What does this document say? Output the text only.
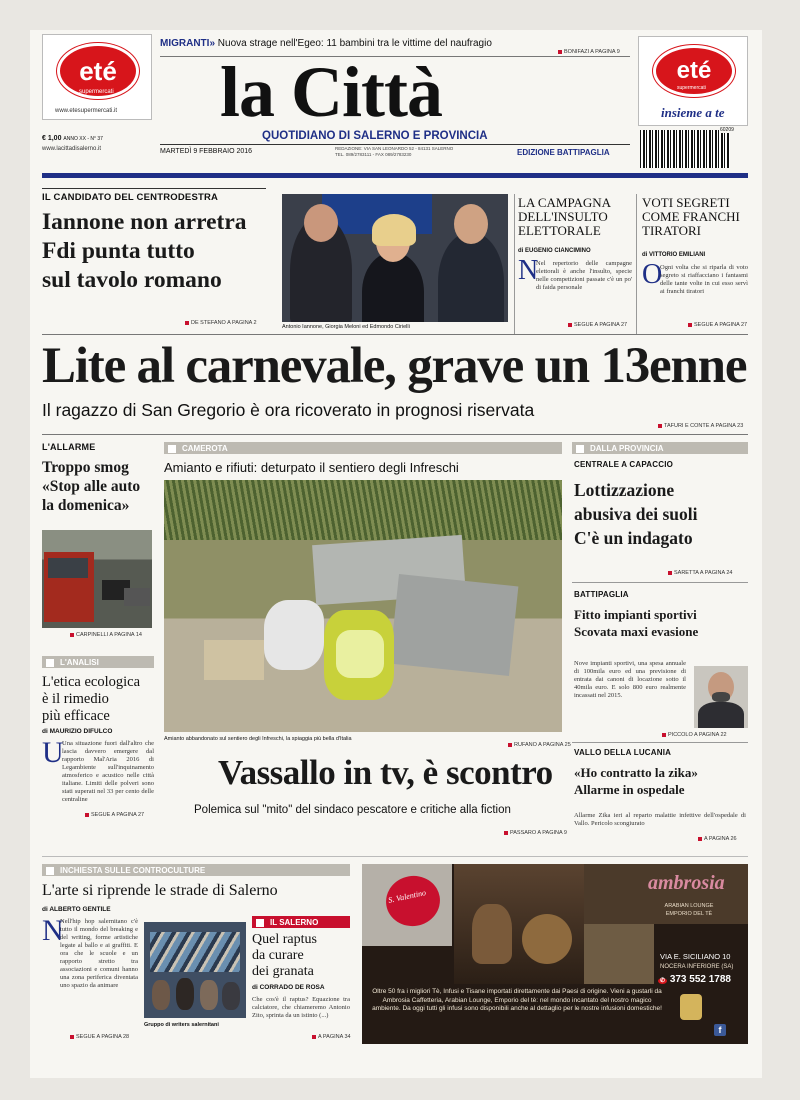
eté
supermercati
www.etesupermercati.it
€ 1,00 ANNO XX - N° 37
www.lacittadisalerno.it
MIGRANTI» Nuova strage nell'Egeo: 11 bambini tra le vittime del naufragio
BONIFAZI A PAGINA 9
la Città
QUOTIDIANO DI SALERNO E PROVINCIA
MARTEDÌ 9 FEBBRAIO 2016	REDAZIONE: VIA SAN LEONARDO 52 - 84131 SALERNO
TEL. 089/2783111 - FAX 089/2783230	EDIZIONE BATTIPAGLIA
eté
supermercati
insieme a te
60209
IL CANDIDATO DEL CENTRODESTRA
Iannone non arretra
Fdi punta tutto
sul tavolo romano
DE STEFANO A PAGINA 2
Antonio Iannone, Giorgia Meloni ed Edmondo Cirielli
LA CAMPAGNA
DELL'INSULTO
ELETTORALE
di EUGENIO CIANCIMINO
N
Nel repertorio delle campagne elettorali è anche l'insulto, specie nelle competizioni passate c'è un po' di faida personale
SEGUE A PAGINA 27
VOTI SEGRETI
COME FRANCHI
TIRATORI
di VITTORIO EMILIANI
O
Ogni volta che si riparla di voto segreto si riaffacciano i fantasmi delle tante volte in cui esso servì ai franchi tiratori
SEGUE A PAGINA 27
Lite al carnevale, grave un 13enne
Il ragazzo di San Gregorio è ora ricoverato in prognosi riservata
TAFURI E CONTE A PAGINA 23
L'ALLARME
Troppo smog
«Stop alle auto
la domenica»
CARPINELLI A PAGINA 14
L'ANALISI
L'etica ecologica
è il rimedio
più efficace
di MAURIZIO DIFULCO
U
Una situazione fuori dall'altro che lascia davvero emergere dal rapporto Mal'Aria 2016 di Legambiente sull'inquinamento atmosferico e acustico nelle città italiane. Limiti delle polveri sono stati superati nel 33 per cento delle centraline
SEGUE A PAGINA 27
CAMEROTA
Amianto e rifiuti: deturpato il sentiero degli Infreschi
Amianto abbandonato sul sentiero degli Infreschi, la spiaggia più bella d'Italia
RUFANO A PAGINA 25
Vassallo in tv, è scontro
Polemica sul "mito" del sindaco pescatore e critiche alla fiction
PASSARO A PAGINA 9
DALLA PROVINCIA
CENTRALE A CAPACCIO
Lottizzazione
abusiva dei suoli
C'è un indagato
SARETTA A PAGINA 24
BATTIPAGLIA
Fitto impianti sportivi
Scovata maxi evasione
Nove impianti sportivi, una spesa annuale di 100mila euro ed una previsione di entrata dai canoni di locazione sotto il 40mila euro. E solo 800 euro realmente incassati nel 2015.
PICCOLO A PAGINA 22
VALLO DELLA LUCANIA
«Ho contratto la zika»
Allarme in ospedale
Allarme Zika ieri al reparto malattie infettive dell'ospedale di Vallo. Pericolo scongiurato
A PAGINA 26
INCHIESTA SULLE CONTROCULTURE
L'arte si riprende le strade di Salerno
di ALBERTO GENTILE
N
Nell'hip hop salernitano c'è tutto il mondo del breaking e del writing, forme artistiche legate al ballo e ai graffiti. E ora che le scuole e un rapporto stretto tra associazioni e comuni hanno una zona periferica diventata uno spazio da animare
Gruppo di writers salernitani
SEGUE A PAGINA 28
IL SALERNO
Quel raptus
da curare
dei granata
di CORRADO DE ROSA
Che cos'è il raptus? Equazione tra calciatore, che chiameremo Antonio Zito, sprinta da un istinto (...)
A PAGINA 34
S. Valentino
ambrosia
ARABIAN LOUNGE
EMPORIO DEL TÈ
VIA E. SICILIANO 10
NOCERA INFERIORE (SA)
✆ 373 552 1788
Oltre 50 fra i migliori Tè, Infusi e Tisane importati direttamente dai Paesi di origine. Vieni a gustarli da Ambrosia Caffetteria, Arabian Lounge, Emporio del tè: nel mondo incantato del nostro magico ambiente. Da oggi tutti gli infusi sono disponibili anche al dettaglio per le nostre infusioni domestiche!
f
